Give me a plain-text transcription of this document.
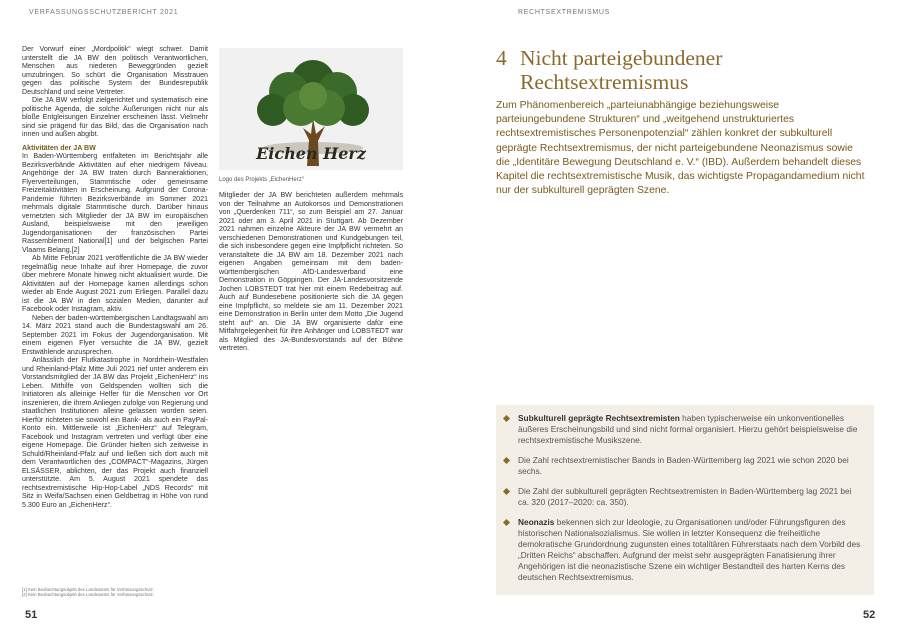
VERFASSUNGSSCHUTZBERICHT 2021	RECHTSEXTREMISMUS

Der Vorwurf einer „Mordpolitik“ wiegt schwer. Damit unterstellt die JA BW den politisch Verantwortlichen, Menschen aus niederen Beweggründen gezielt umzubringen. So schürt die Organisation Misstrauen gegen das politische System der Bundesrepublik Deutschland und seine Vertreter.

Die JA BW verfolgt zielgerichtet und systematisch eine politische Agenda, die solche Äußerungen nicht nur als bloße Entgleisungen Einzelner erscheinen lässt. Vielmehr sind sie prägend für das Bild, das die Organisation nach innen und außen abgibt.

Aktivitäten der JA BW

In Baden-Württemberg entfalteten im Berichtsjahr alle Bezirksverbände Aktivitäten auf eher niedrigem Niveau. Angehörige der JA BW traten durch Banneraktionen, Flyerverteilungen, Stammtische oder gemeinsame Freizeitaktivitäten in Erscheinung. Aufgrund der Corona-Pandemie führten Bezirksverbände im Sommer 2021 mehrmals digitale Stammtische durch. Darüber hinaus vernetzten sich Mitglieder der JA BW im europäischen Ausland, beispielsweise mit den jeweiligen Jugendorganisationen der französischen Partei Rassemblement National[1] und der belgischen Partei Vlaams Belang.[2]

Ab Mitte Februar 2021 veröffentlichte die JA BW wieder regelmäßig neue Inhalte auf ihrer Homepage, die zuvor über mehrere Monate hinweg nicht aktualisiert wurde. Die Aktivitäten auf der Homepage kamen allerdings schon wieder ab Ende August 2021 zum Erliegen. Parallel dazu ist die JA BW in den sozialen Medien, darunter auf Facebook oder Instagram, aktiv.

Neben der baden-württembergischen Landtagswahl am 14. März 2021 stand auch die Bundestagswahl am 26. September 2021 im Fokus der Jugendorganisation. Mit einem eigenen Flyer versuchte die JA BW, gezielt Erstwählende anzusprechen.

Anlässlich der Flutkatastrophe in Nordrhein-Westfalen und Rheinland-Pfalz Mitte Juli 2021 rief unter anderem ein Vorstandsmitglied der JA BW das Projekt „EichenHerz“ ins Leben. Mithilfe von Geldspenden wollten sich die Initiatoren als alleinige Helfer für die Menschen vor Ort inszenieren, die ihrem Anliegen zufolge von Regierung und staatlichen Institutionen alleine gelassen worden seien. Hierfür richteten sie sowohl ein Bank- als auch ein PayPal-Konto ein. Mittlerweile ist „EichenHerz“ auf Telegram, Facebook und Instagram vertreten und verfügt über eine eigene Homepage. Die Gründer hielten sich zeitweise in Schuld/Rheinland-Pfalz auf und ließen sich dort auch mit dem Verantwortlichen des „COMPACT“-Magazins, Jürgen ELSÄSSER, ablichten, der das Projekt auch finanziell unterstützte. Am 5. August 2021 spendete das rechtsextremistische Hip-Hop-Label „NDS Records“ mit Sitz in Weifa/Sachsen einen Geldbetrag in Höhe von rund 5.300 Euro an „EichenHerz“.

Eichen Herz
Logo des Projekts „EichenHerz“

Mitglieder der JA BW berichteten außerdem mehrmals von der Teilnahme an Autokorsos und Demonstrationen von „Querdenken 711“, so zum Beispiel am 27. Januar 2021 oder am 3. April 2021 in Stuttgart. Ab Dezember 2021 nahmen einzelne Akteure der JA BW vermehrt an verschiedenen Demonstrationen und Kundgebungen teil, die sich insbesondere gegen eine Impfpflicht richteten. So veranstaltete die JA BW am 18. Dezember 2021 nach eigenen Angaben gemeinsam mit dem baden-württembergischen AfD-Landesverband eine Demonstration in Göppingen. Der JA-Landesvorsitzende Jochen LOBSTEDT trat hier mit einem Redebeitrag auf. Auch auf Bundesebene positionierte sich die JA gegen eine Impfpflicht, so meldete sie am 11. Dezember 2021 eine Demonstration in Berlin unter dem Motto „Die Jugend steht auf“ an. Die JA BW organisierte dafür eine Mitfahrgelegenheit für ihre Anhänger und LOBSTEDT war als Mitglied des JA-Bundesvorstands auf der Bühne vertreten.

[1] Kein Beobachtungsobjekt des Landesamts für Verfassungsschutz.
[2] Kein Beobachtungsobjekt des Landesamts für Verfassungsschutz.
51	52
4 Nicht parteigebundener
Rechtsextremismus
Zum Phänomenbereich „parteiunabhängige beziehungsweise parteiungebundene Strukturen“ und „weitgehend unstrukturiertes rechtsextremistisches Personenpotenzial“ zählen konkret der subkulturell geprägte Rechtsextremismus, der nicht parteigebundene Neonazismus sowie die „Identitäre Bewegung Deutschland e. V.“ (IBD). Außerdem behandelt dieses Kapitel die rechtsextremistische Musik, das wichtigste Propagandamedium nicht nur der subkulturell geprägten Szene.
Subkulturell geprägte Rechtsextremisten haben typischerweise ein unkonventionelles äußeres Erscheinungsbild und sind nicht formal organisiert. Hierzu gehört beispielsweise die rechtsextremistische Musikszene.
Die Zahl rechtsextremistischer Bands in Baden-Württemberg lag 2021 wie schon 2020 bei sechs.
Die Zahl der subkulturell geprägten Rechtsextremisten in Baden-Württemberg lag 2021 bei ca. 320 (2017–2020: ca. 350).
Neonazis bekennen sich zur Ideologie, zu Organisationen und/oder Führungsfiguren des historischen Nationalsozialismus. Sie wollen in letzter Konsequenz die freiheitliche demokratische Grundordnung zugunsten eines totalitären Führerstaats nach dem Vorbild des „Dritten Reichs“ abschaffen. Aufgrund der meist sehr ausgeprägten Fanatisierung ihrer Angehörigen ist die neonazistische Szene ein wichtiger Bestandteil des harten Kerns des deutschen Rechtsextremismus.
